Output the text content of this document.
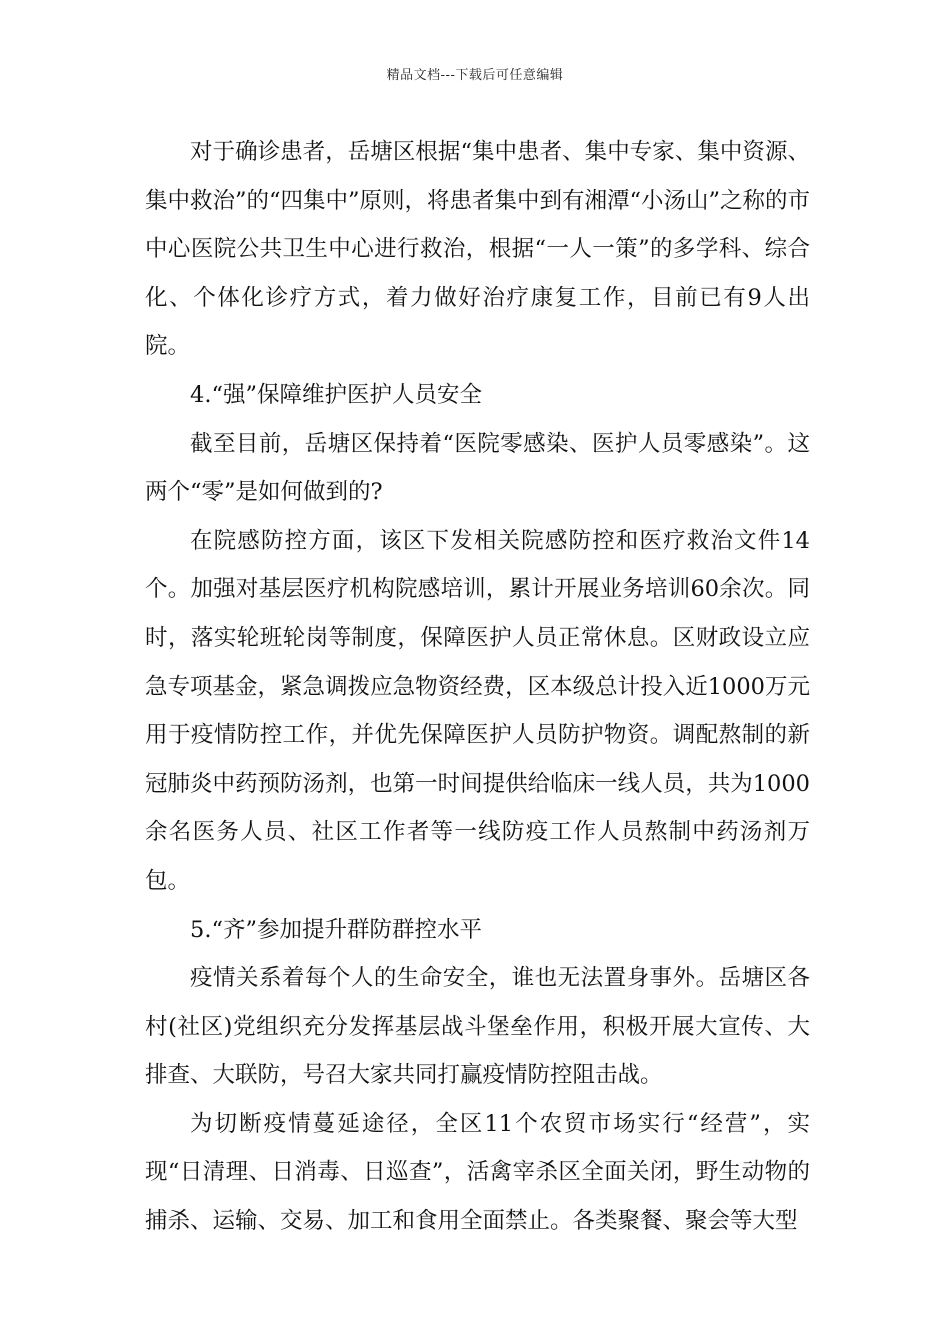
精品文档---下载后可任意编辑

对于确诊患者，岳塘区根据“集中患者、集中专家、集中资源、集中救治”的“四集中”原则，将患者集中到有湘潭“小汤山”之称的市中心医院公共卫生中心进行救治，根据“一人一策”的多学科、综合化、个体化诊疗方式，着力做好治疗康复工作，目前已有9人出院。

4.“强”保障维护医护人员安全

截至目前，岳塘区保持着“医院零感染、医护人员零感染”。这两个“零”是如何做到的?

在院感防控方面，该区下发相关院感防控和医疗救治文件14个。加强对基层医疗机构院感培训，累计开展业务培训60余次。同时，落实轮班轮岗等制度，保障医护人员正常休息。区财政设立应急专项基金，紧急调拨应急物资经费，区本级总计投入近1000万元用于疫情防控工作，并优先保障医护人员防护物资。调配熬制的新冠肺炎中药预防汤剂，也第一时间提供给临床一线人员，共为1000余名医务人员、社区工作者等一线防疫工作人员熬制中药汤剂万包。

5.“齐”参加提升群防群控水平

疫情关系着每个人的生命安全，谁也无法置身事外。岳塘区各村(社区)党组织充分发挥基层战斗堡垒作用，积极开展大宣传、大排查、大联防，号召大家共同打赢疫情防控阻击战。

为切断疫情蔓延途径，全区11个农贸市场实行“经营”，实现“日清理、日消毒、日巡查”，活禽宰杀区全面关闭，野生动物的捕杀、运输、交易、加工和食用全面禁止。各类聚餐、聚会等大型
